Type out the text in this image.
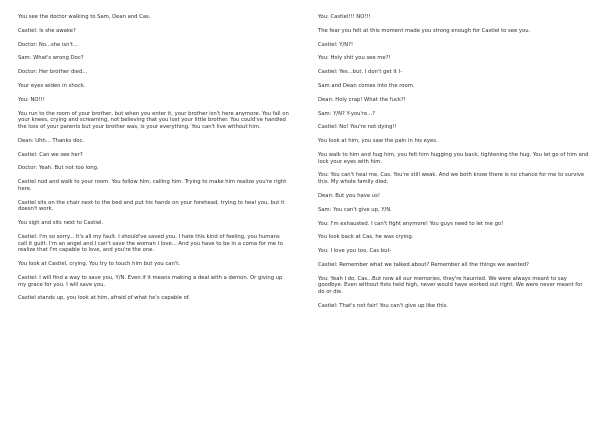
You see the doctor walking to Sam, Dean and Cas.

Castiel: Is she awake?

Doctor: No...she isn't...

Sam: What's wrong Doc?

Doctor: Her brother died...

Your eyes widen in shock.

You: NO!!!

You run to the room of your brother, but when you enter it, your brother isn't here anymore. You fall on your knees, crying and screaming, not believing that you lost your little brother. You could've handled the loss of your parents but your brother was, is your everything. You can't live without him.

Dean: Uhh... Thanks doc.

Castiel: Can we see her?

Doctor: Yeah. But not too long.

Castiel nod and walk to your room. You follow him, calling him. Trying to make him realize you're right here.

Castiel sits on the chair next to the bed and put his hands on your forehead, trying to heal you, but it doesn't work.

You sigh and sits next to Castiel.

Castiel: I'm so sorry... It's all my fault. I should've saved you. I hate this kind of feeling, you humans call it guilt. I'm an angel and I can't save the woman I love... And you have to be in a coma for me to realize that I'm capable to love, and you're the one.

You look at Castiel, crying. You try to touch him but you can't.

Castiel: I will find a way to save you, Y/N. Even if it means making a deal with a demon. Or giving up my grace for you. I will save you.

Castiel stands up, you look at him, afraid of what he's capable of.

You: Castiel!!! NO!!!

The fear you felt at this moment made you strong enough for Castiel to see you.

Castiel: Y/N?!

You: Holy shit you see me?!

Castiel: Yes...but. I don't get it I-

Sam and Dean comes into the room.

Dean: Holy crap! What the fuck?!

Sam: Y/N? Y-you're...?

Castiel: No! You're not dying!!

You look at him, you saw the pain in his eyes.

You walk to him and hug him, you felt him hugging you back, tightening the hug. You let go of him and lock your eyes with him.

You: You can't heal me, Cas. You're still weak. And we both know there is no chance for me to survive this. My whole family died.

Dean: But you have us!

Sam: You can't give up, Y/N.

You: I'm exhausted. I can't fight anymore! You guys need to let me go!

You look back at Cas, he was crying.

You: I love you too, Cas but-

Castiel: Remember what we talked about? Remember all the things we wanted?

You: Yeah I do, Cas...But now all our memories, they're haunted. We were always meant to say goodbye. Even without fists held high, never would have worked out right. We were never meant for do or die.

Castiel: That's not fair! You can't give up like this.
